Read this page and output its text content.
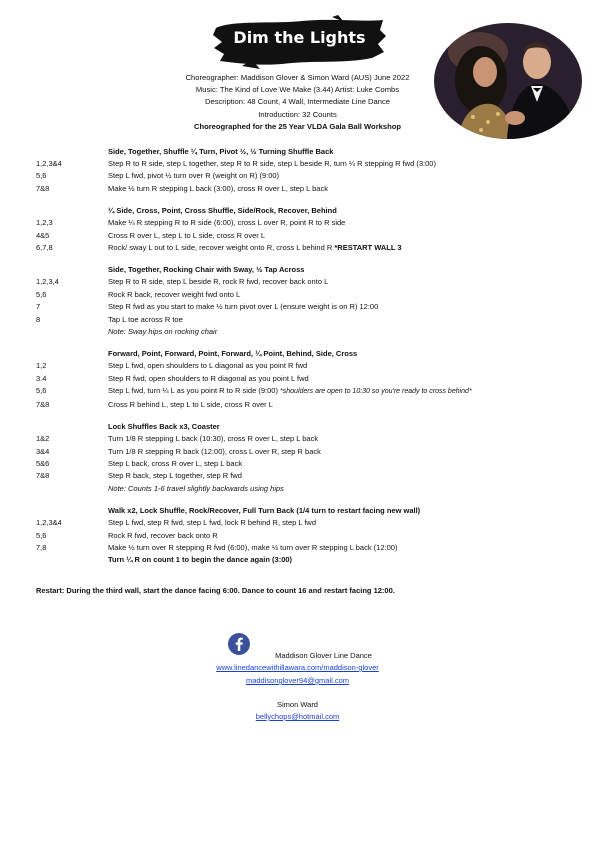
Dim the Lights
Choreographer: Maddison Glover & Simon Ward (AUS) June 2022
Music: The Kind of Love We Make (3.44) Artist: Luke Combs
Description: 48 Count, 4 Wall, Intermediate Line Dance
Introduction: 32 Counts
Choreographed for the 25 Year VLDA Gala Ball Workshop
Side, Together, Shuffle ¼ Turn, Pivot ½, ½ Turning Shuffle Back
1,2,3&4	Step R to R side, step L together, step R to R side, step L beside R, turn ¼ R stepping R fwd (3:00)
5,6	Step L fwd, pivot ½ turn over R (weight on R) (9:00)
7&8	Make ½ turn R stepping L back (3:00), cross R over L, step L back
¼ Side, Cross, Point, Cross Shuffle, Side/Rock, Recover, Behind
1,2,3	Make ¼ R stepping R to R side (6:00), cross L over R, point R to R side
4&5	Cross R over L, step L to L side, cross R over L
6,7,8	Rock/ sway L out to L side, recover weight onto R, cross L behind R *RESTART WALL 3
Side, Together, Rocking Chair with Sway, ½ Tap Across
1,2,3,4	Step R to R side, step L beside R, rock R fwd, recover back onto L
5,6	Rock R back, recover weight fwd onto L
7	Step R fwd as you start to make ½ turn pivot over L (ensure weight is on R) 12:00
8	Tap L toe across R toe
Note: Sway hips on rocking chair
Forward, Point, Forward, Point, Forward, ¼ Point, Behind, Side, Cross
1,2	Step L fwd, open shoulders to L diagonal as you point R fwd
3.4	Step R fwd, open shoulders to R diagonal as you point L fwd
5,6	Step L fwd, turn ¼ L as you point R to R side (9:00) *shoulders are open to 10:30 so you're ready to cross behind*
7&8	Cross R behind L, step L to L side, cross R over L
Lock Shuffles Back x3, Coaster
1&2	Turn 1/8 R stepping L back (10:30), cross R over L, step L back
3&4	Turn 1/8 R stepping R back (12:00), cross L over R, step R back
5&6	Step L back, cross R over L, step L back
7&8	Step R back, step L together, step R fwd
Note: Counts 1-6 travel slightly backwards using hips
Walk x2, Lock Shuffle, Rock/Recover, Full Turn Back (1/4 turn to restart facing new wall)
1,2,3&4	Step L fwd, step R fwd, step L fwd, lock R behind R, step L fwd
5,6	Rock R fwd, recover back onto R
7,8	Make ½ turn over R stepping R fwd (6:00), make ½ turn over R stepping L back (12:00)
Turn ¼ R on count 1 to begin the dance again (3:00)
Restart: During the third wall, start the dance facing 6:00. Dance to count 16 and restart facing 12:00.
Maddison Glover Line Dance
www.linedancewithillawara.com/maddison-glover
maddisonglover94@gmail.com
Simon Ward
bellychops@hotmail.com
